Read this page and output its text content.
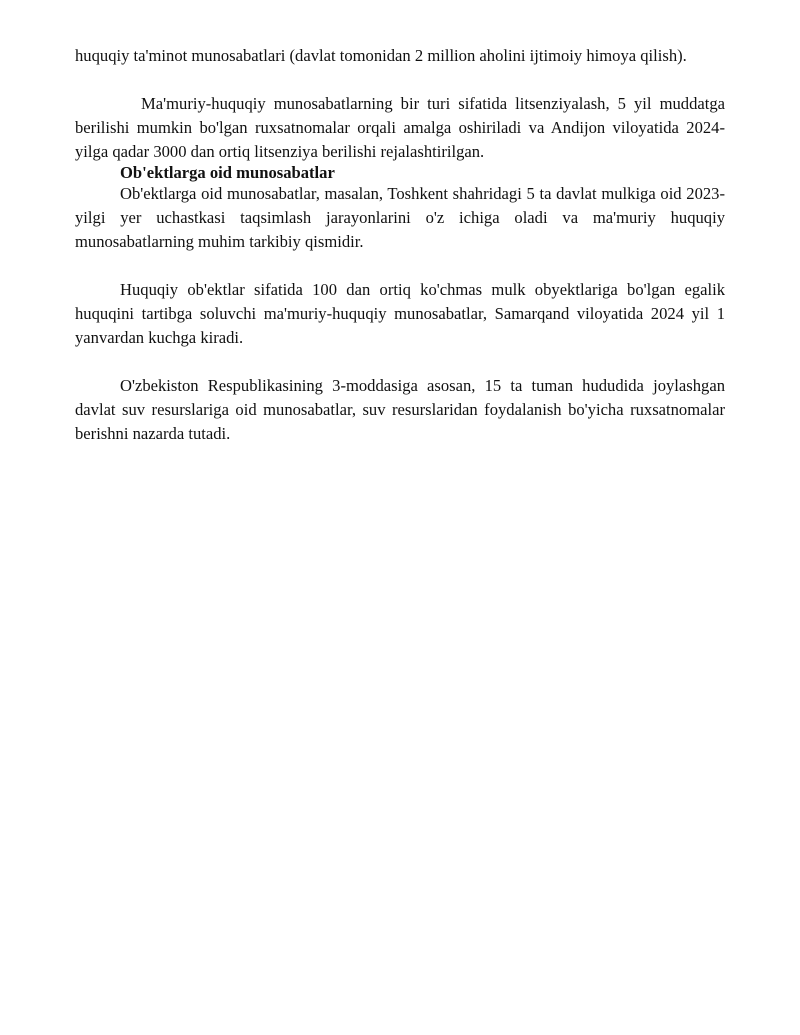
huquqiy ta'minot munosabatlari (davlat tomonidan 2 million aholini ijtimoiy himoya qilish).

Ma'muriy-huquqiy munosabatlarning bir turi sifatida litsenziyalash, 5 yil muddatga berilishi mumkin bo'lgan ruxsatnomalar orqali amalga oshiriladi va Andijon viloyatida 2024-yilga qadar 3000 dan ortiq litsenziya berilishi rejalashtirilgan.

Ob'ektlarga oid munosabatlar

Ob'ektlarga oid munosabatlar, masalan, Toshkent shahridagi 5 ta davlat mulkiga oid 2023-yilgi yer uchastkasi taqsimlash jarayonlarini o'z ichiga oladi va ma'muriy huquqiy munosabatlarning muhim tarkibiy qismidir.

Huquqiy ob'ektlar sifatida 100 dan ortiq ko'chmas mulk obyektlariga bo'lgan egalik huquqini tartibga soluvchi ma'muriy-huquqiy munosabatlar, Samarqand viloyatida 2024 yil 1 yanvardan kuchga kiradi.

O'zbekiston Respublikasining 3-moddasiga asosan, 15 ta tuman hududida joylashgan davlat suv resurslariga oid munosabatlar, suv resurslaridan foydalanish bo'yicha ruxsatnomalar berishni nazarda tutadi.
